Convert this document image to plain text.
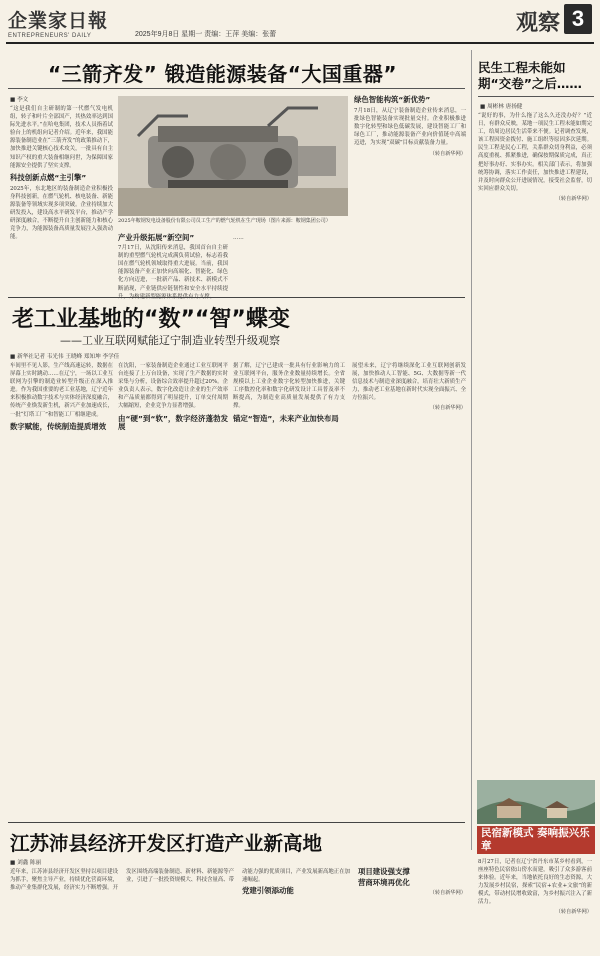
企業家日報
ENTREPRENEURS' DAILY	2025年9月8日 星期一 责编：王萍 美编：张蕾	观察 3
“三箭齐发” 锻造能源装备“大国重器”
■ 李文
“这是我们自主研制的第一代燃气发电机组，转子和叶片全部国产，其热效率达到国际先进水平。”在哈电集团，技术人员指着试验台上的机组向记者介绍。近年来，我国能源装备制造业在“三箭齐发”的政策推动下，加快推进关键核心技术攻关，一批具有自主知识产权的重大装备相继问世，为保障国家能源安全提供了坚实支撑。
科技创新点燃“主引擎”
2025年，东北地区的装备制造企业积极投身科技创新，在燃气轮机、核电装备、新能源装备等领域实现多项突破。企业持续加大研发投入，建设高水平研发平台，推动产学研深度融合，不断提升自主创新能力和核心竞争力，为能源装备高质量发展注入强劲动能。
2025年鞍钢发电设备股份有限公司员工生产的燃气轮机在生产现场（图片来源：鞍钢集团公司）
产业升级拓展“新空间”
7月17日，从沈阳传来消息，我国首台自主研制的重型燃气轮机完成满负荷试验，标志着我国在燃气轮机领域取得重大进展。当前，我国能源装备产业正加快向高端化、智能化、绿色化方向迈进，一批新产品、新技术、新模式不断涌现，产业链供应链韧性和安全水平持续提
……
绿色智能构筑“新优势”
7月18日，从辽宁装备制造企业传来消息，一批绿色智能装备实现批量交付。企业积极推进数字化转型和绿色低碳发展，建设智能工厂和绿色工厂，推动能源装备产业向价值链中高端迈进，为实现“双碳”目标贡献装备力量。
（转自新华网）
民生工程未能如期“交卷”之后……
■ 周彬林 唐扬健
“说好的事，为什么拖了这么久还没办好？”近日，有群众反映，某地一项民生工程未能如期完工，给周边居民生活带来不便。记者调查发现，该工程因资金拨付、施工组织等原因多次延期。民生工程是民心工程，关系群众切身利益，必须高度重视、抓紧推进，确保按期保质完成，真正把好事办好、实事办实。相关部门表示，将加强统筹协调，落实工作责任，加快推进工程建设，并及时向群众公开进展情况，接受社会监督，切实回应群众关切。
（转自新华网）
老工业基地的“数”“智”蝶变
——工业互联网赋能辽宁制造业转型升级观察
■ 新华社记者 韦光伟 王晓峰 郑知坤 李学佳
车间里不见人影，生产线高速运转，数据在屏幕上实时跳动……在辽宁，一场以工业互联网为引擎的制造业转型升级正在深入推进。作为我国重要的老工业基地，辽宁近年来积极推动数字技术与实体经济深度融合，传统产业焕发新生机，新兴产业加速成长，一批“灯塔工厂”和智能工厂相继建成。
数字赋能，传统制造提质增效
在沈阳，一家装备制造企业通过工业互联网平台连接了上万台设备，实现了生产数据的实时采集与分析，设备综合效率提升超过20%。企业负责人表示，数字化改造让企业的生产效率和产品质量都得到了明显提升，订单交付周期大幅缩短，企业竞争力显著增强。
由“硬”到“软”，数字经济蓬勃发展
据了解，辽宁已建成一批具有行业影响力的工业互联网平台，服务企业数量持续增长。全省规模以上工业企业数字化转型加快推进，关键工序数控化率和数字化研发设计工具普及率不断提高，为制造业高质量发展提供了有力支撑。
锚定“智造”，未来产业加快布局
展望未来，辽宁将继续深化工业互联网创新发展，加快推动人工智能、5G、大数据等新一代信息技术与制造业深度融合，培育壮大新质生产力，推动老工业基地在新时代实现全面振兴、全方位振兴。
（转自新华网）
江苏沛县经济开发区打造产业新高地
■ 刘鑫 陈丽
近年来，江苏沛县经济开发区坚持以项目建设为抓手，聚焦主导产业，持续优化营商环境，推动产业集群化发展，经济实力不断增强。开发区围绕高端装备制造、新材料、新能源等产业，引进了一批投资规模大、科技含量高、带动能力强的优质项目，产业发展新高地正在加速崛起。
党建引领添动能
项目建设强支撑
营商环境再优化
（转自新华网）
民宿新模式 奏响振兴乐章
8月27日，记者在辽宁省丹东市某乡村看到，一座座特色民宿依山傍水而建，吸引了众多游客前来体验。近年来，当地依托良好的生态资源，大力发展乡村民宿，探索“民宿+农业+文旅”的新模式，带动村民增收致富，为乡村振兴注入了新活力。
（转自新华网）
